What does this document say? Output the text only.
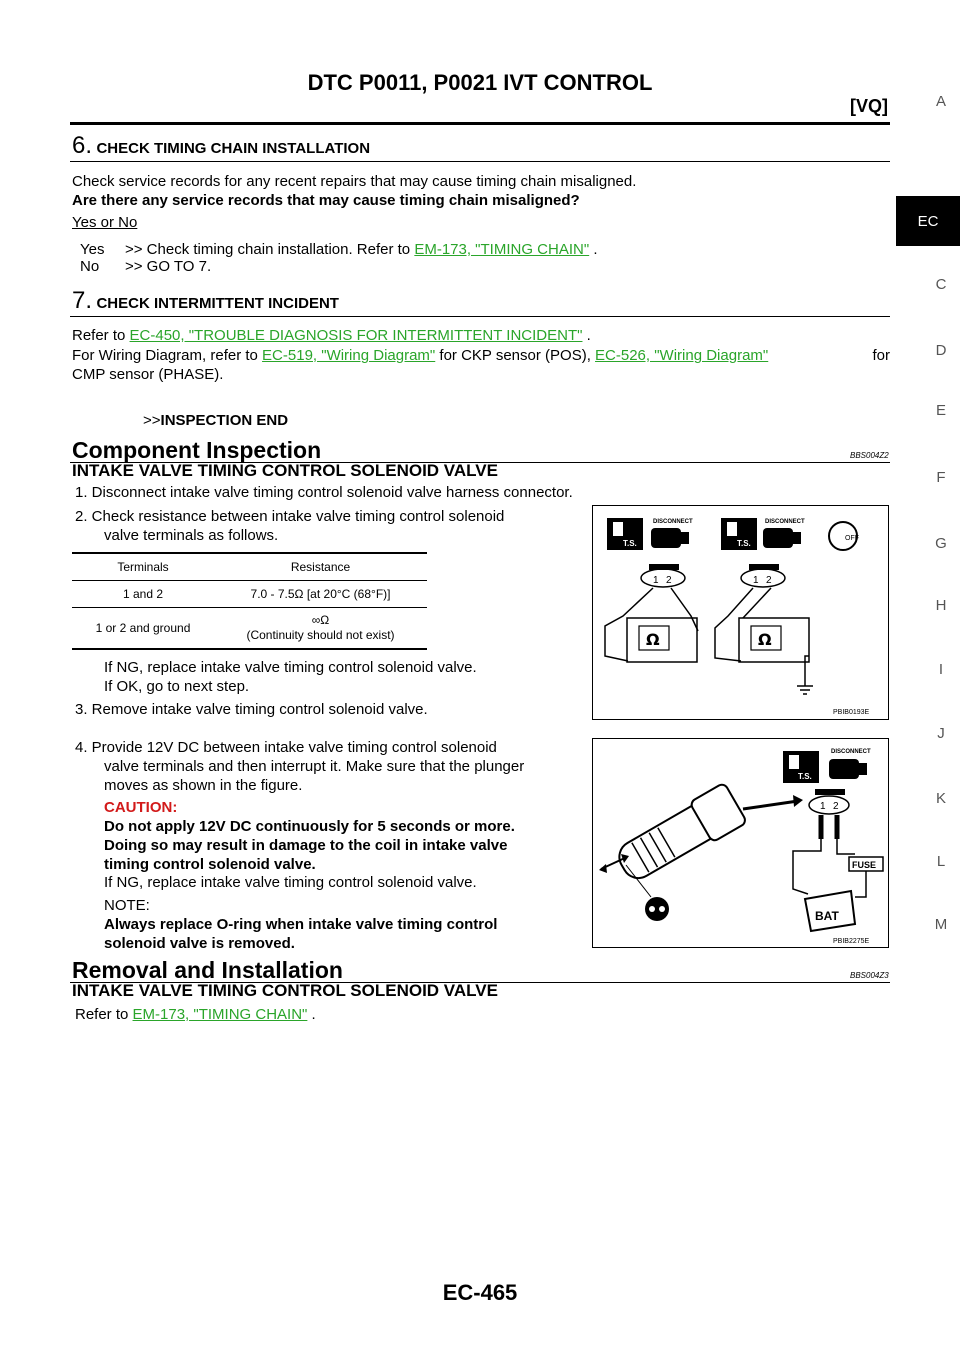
DTC P0011, P0021 IVT CONTROL
[VQ]	A
EC
C
D
E
F
G
H
I
J
K
L
M
6. CHECK TIMING CHAIN INSTALLATION
Check service records for any recent repairs that may cause timing chain misaligned.
Are there any service records that may cause timing chain misaligned?
Yes or No
Yes >> Check timing chain installation. Refer to EM-173, "TIMING CHAIN" .
No >> GO TO 7.
7. CHECK INTERMITTENT INCIDENT
Refer to EC-450, "TROUBLE DIAGNOSIS FOR INTERMITTENT INCIDENT" .
For Wiring Diagram, refer to EC-519, "Wiring Diagram" for CKP sensor (POS), EC-526, "Wiring Diagram"	for
CMP sensor (PHASE).
>>INSPECTION END
Component Inspection	BBS004Z2
INTAKE VALVE TIMING CONTROL SOLENOID VALVE
1. Disconnect intake valve timing control solenoid valve harness connector.
2. Check resistance between intake valve timing control solenoid
valve terminals as follows.
Terminals	Resistance
1 and 2	7.0 - 7.5Ω [at 20°C (68°F)]
1 or 2 and ground
∞Ω
(Continuity should not exist)
If NG, replace intake valve timing control solenoid valve.
If OK, go to next step.
3. Remove intake valve timing control solenoid valve.
4. Provide 12V DC between intake valve timing control solenoid
valve terminals and then interrupt it. Make sure that the plunger
moves as shown in the figure.
CAUTION:
Do not apply 12V DC continuously for 5 seconds or more.
Doing so may result in damage to the coil in intake valve
timing control solenoid valve.
If NG, replace intake valve timing control solenoid valve.
NOTE:
Always replace O-ring when intake valve timing control
solenoid valve is removed.
T.S.
DISCONNECT
T.S.
DISCONNECT
OFF
1 2	1 2
Ω	Ω
PBIB0193E
T.S.
DISCONNECT
1 2
FUSE
BAT
PBIB2275E
Removal and Installation	BBS004Z3
INTAKE VALVE TIMING CONTROL SOLENOID VALVE
Refer to EM-173, "TIMING CHAIN" .
EC-465
